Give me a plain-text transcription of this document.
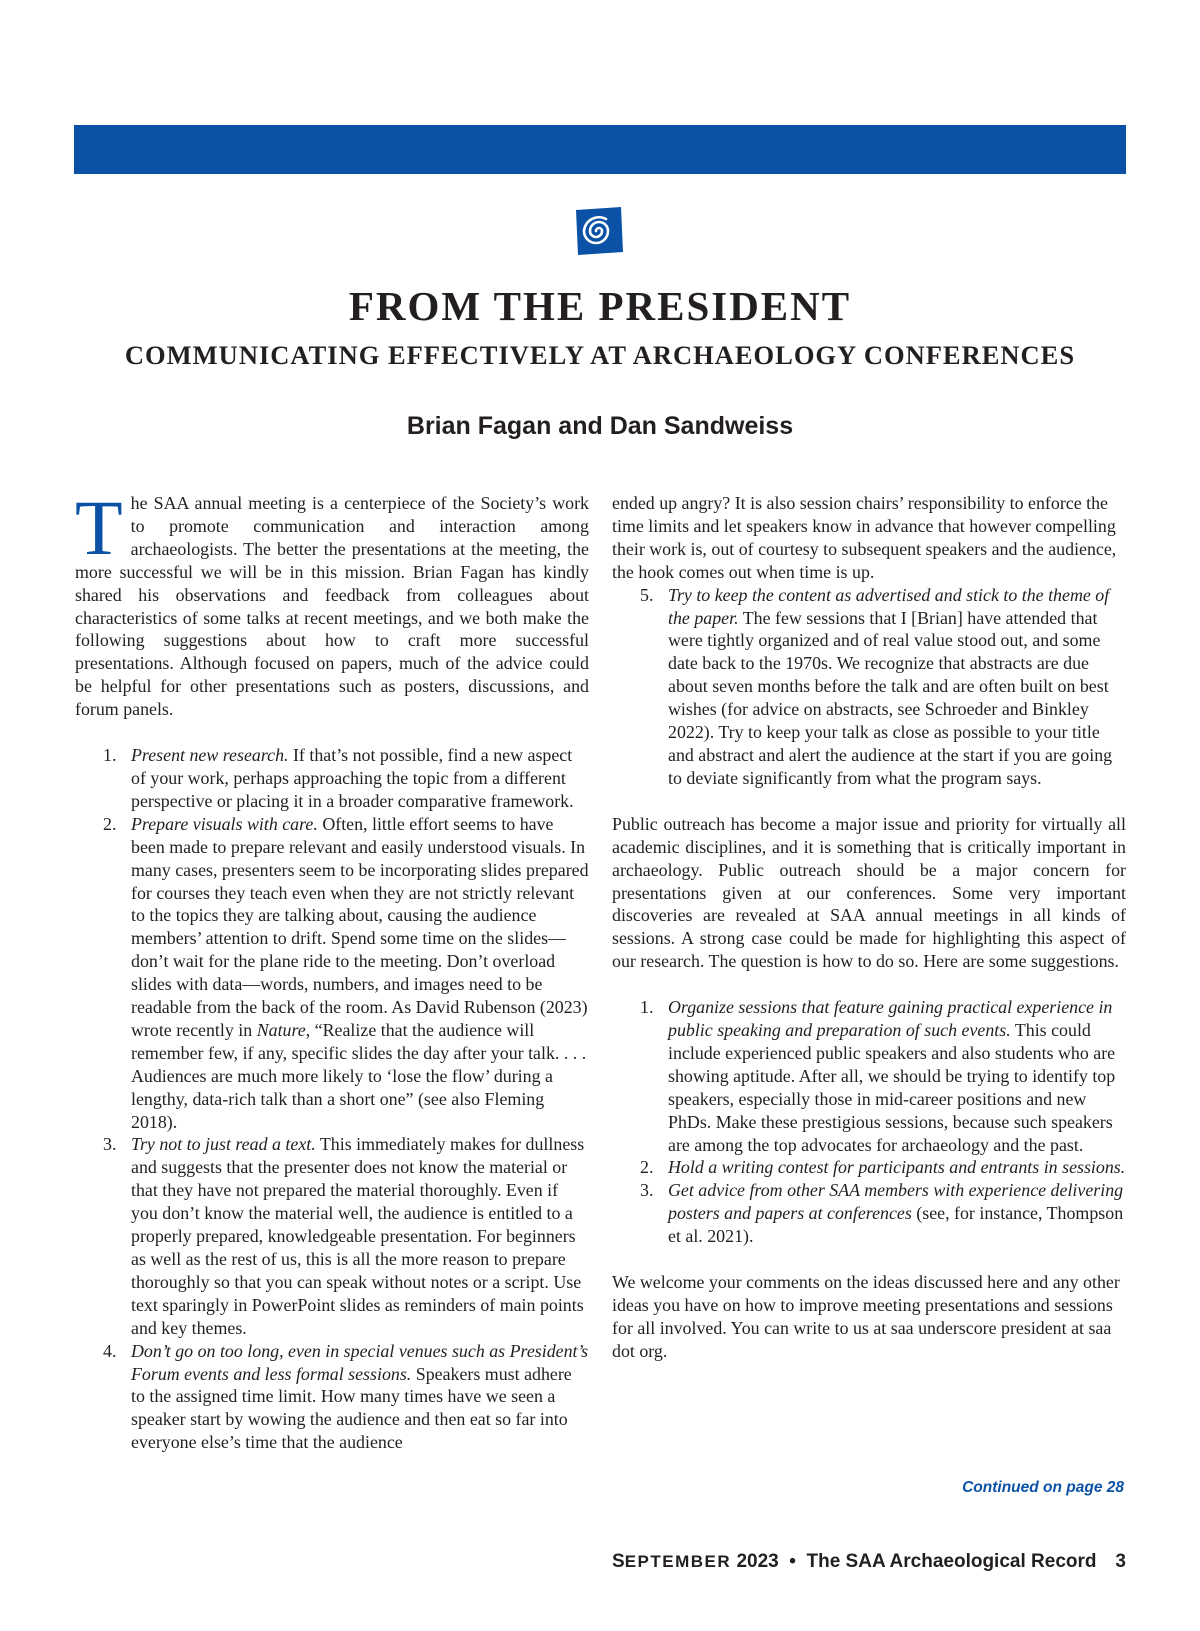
FROM THE PRESIDENT
COMMUNICATING EFFECTIVELY AT ARCHAEOLOGY CONFERENCES
Brian Fagan and Dan Sandweiss

The SAA annual meeting is a centerpiece of the Society’s work to promote communication and interaction among archaeologists. The better the presentations at the meeting, the more successful we will be in this mission. Brian Fagan has kindly shared his observations and feedback from colleagues about characteristics of some talks at recent meetings, and we both make the following suggestions about how to craft more successful presentations. Although focused on papers, much of the advice could be helpful for other presentations such as posters, discussions, and forum panels.

1. Present new research. If that’s not possible, find a new aspect of your work, perhaps approaching the topic from a different perspective or placing it in a broader comparative framework.
2. Prepare visuals with care. Often, little effort seems to have been made to prepare relevant and easily understood visuals. In many cases, presenters seem to be incorporating slides prepared for courses they teach even when they are not strictly relevant to the topics they are talking about, causing the audience members’ attention to drift. Spend some time on the slides—don’t wait for the plane ride to the meeting. Don’t overload slides with data—words, numbers, and images need to be readable from the back of the room. As David Rubenson (2023) wrote recently in Nature, “Realize that the audience will remember few, if any, specific slides the day after your talk. . . . Audiences are much more likely to ‘lose the flow’ during a lengthy, data-rich talk than a short one” (see also Fleming 2018).
3. Try not to just read a text. This immediately makes for dullness and suggests that the presenter does not know the material or that they have not prepared the material thoroughly. Even if you don’t know the material well, the audience is entitled to a properly prepared, knowledgeable presentation. For beginners as well as the rest of us, this is all the more reason to prepare thoroughly so that you can speak without notes or a script. Use text sparingly in PowerPoint slides as reminders of main points and key themes.
4. Don’t go on too long, even in special venues such as President’s Forum events and less formal sessions. Speakers must adhere to the assigned time limit. How many times have we seen a speaker start by wowing the audience and then eat so far into everyone else’s time that the audience

ended up angry? It is also session chairs’ responsibility to enforce the time limits and let speakers know in advance that however compelling their work is, out of courtesy to subsequent speakers and the audience, the hook comes out when time is up.

5. Try to keep the content as advertised and stick to the theme of the paper. The few sessions that I [Brian] have attended that were tightly organized and of real value stood out, and some date back to the 1970s. We recognize that abstracts are due about seven months before the talk and are often built on best wishes (for advice on abstracts, see Schroeder and Binkley 2022). Try to keep your talk as close as possible to your title and abstract and alert the audience at the start if you are going to deviate significantly from what the program says.

Public outreach has become a major issue and priority for virtually all academic disciplines, and it is something that is critically important in archaeology. Public outreach should be a major concern for presentations given at our conferences. Some very important discoveries are revealed at SAA annual meetings in all kinds of sessions. A strong case could be made for highlighting this aspect of our research. The question is how to do so. Here are some suggestions.

1. Organize sessions that feature gaining practical experience in public speaking and preparation of such events. This could include experienced public speakers and also students who are showing aptitude. After all, we should be trying to identify top speakers, especially those in mid-career positions and new PhDs. Make these prestigious sessions, because such speakers are among the top advocates for archaeology and the past.
2. Hold a writing contest for participants and entrants in sessions.
3. Get advice from other SAA members with experience delivering posters and papers at conferences (see, for instance, Thompson et al. 2021).

We welcome your comments on the ideas discussed here and any other ideas you have on how to improve meeting presentations and sessions for all involved. You can write to us at saa underscore president at saa dot org.

Continued on page 28
SEPTEMBER 2023 • The SAA Archaeological Record 3
